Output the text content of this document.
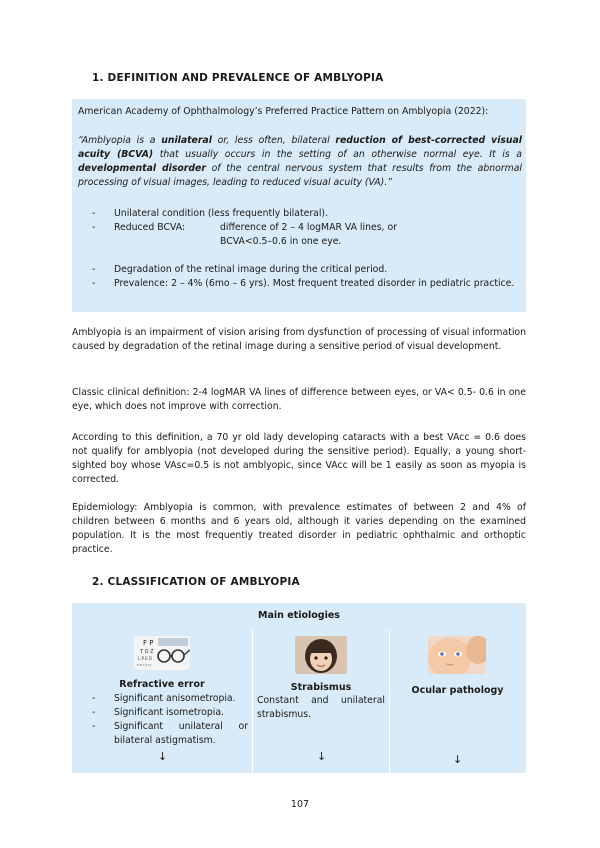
1. DEFINITION AND PREVALENCE OF AMBLYOPIA
American Academy of Ophthalmology’s Preferred Practice Pattern on Amblyopia (2022):
“Amblyopia is a unilateral or, less often, bilateral reduction of best-corrected visual acuity (BCVA) that usually occurs in the setting of an otherwise normal eye. It is a developmental disorder of the central nervous system that results from the abnormal processing of visual images, leading to reduced visual acuity (VA).”
- Unilateral condition (less frequently bilateral).
- Reduced BCVA:	difference of 2 – 4 logMAR VA lines, or
BCVA<0.5–0.6 in one eye.
- Degradation of the retinal image during the critical period.
- Prevalence: 2 – 4% (6mo – 6 yrs). Most frequent treated disorder in pediatric practice.
Amblyopia is an impairment of vision arising from dysfunction of processing of visual information caused by degradation of the retinal image during a sensitive period of visual development.
Classic clinical definition: 2-4 logMAR VA lines of difference between eyes, or VA< 0.5- 0.6 in one eye, which does not improve with correction.
According to this definition, a 70 yr old lady developing cataracts with a best VAcc = 0.6 does not qualify for amblyopia (not developed during the sensitive period). Equally, a young short-sighted boy whose VAsc=0.5 is not amblyopic, since VAcc will be 1 easily as soon as myopia is corrected.
Epidemiology: Amblyopia is common, with prevalence estimates of between 2 and 4% of children between 6 months and 6 years old, although it varies depending on the examined population. It is the most frequently treated disorder in pediatric ophthalmic and orthoptic practice.
2. CLASSIFICATION OF AMBLYOPIA
Main etiologies
F P
T O Z
L P E D
P E C F D
Refractive error
- Significant anisometropia.
- Significant isometropia.
- Significant unilateral or bilateral astigmatism.
↓
Strabismus
Constant and unilateral strabismus.
↓
Ocular pathology
↓
107
